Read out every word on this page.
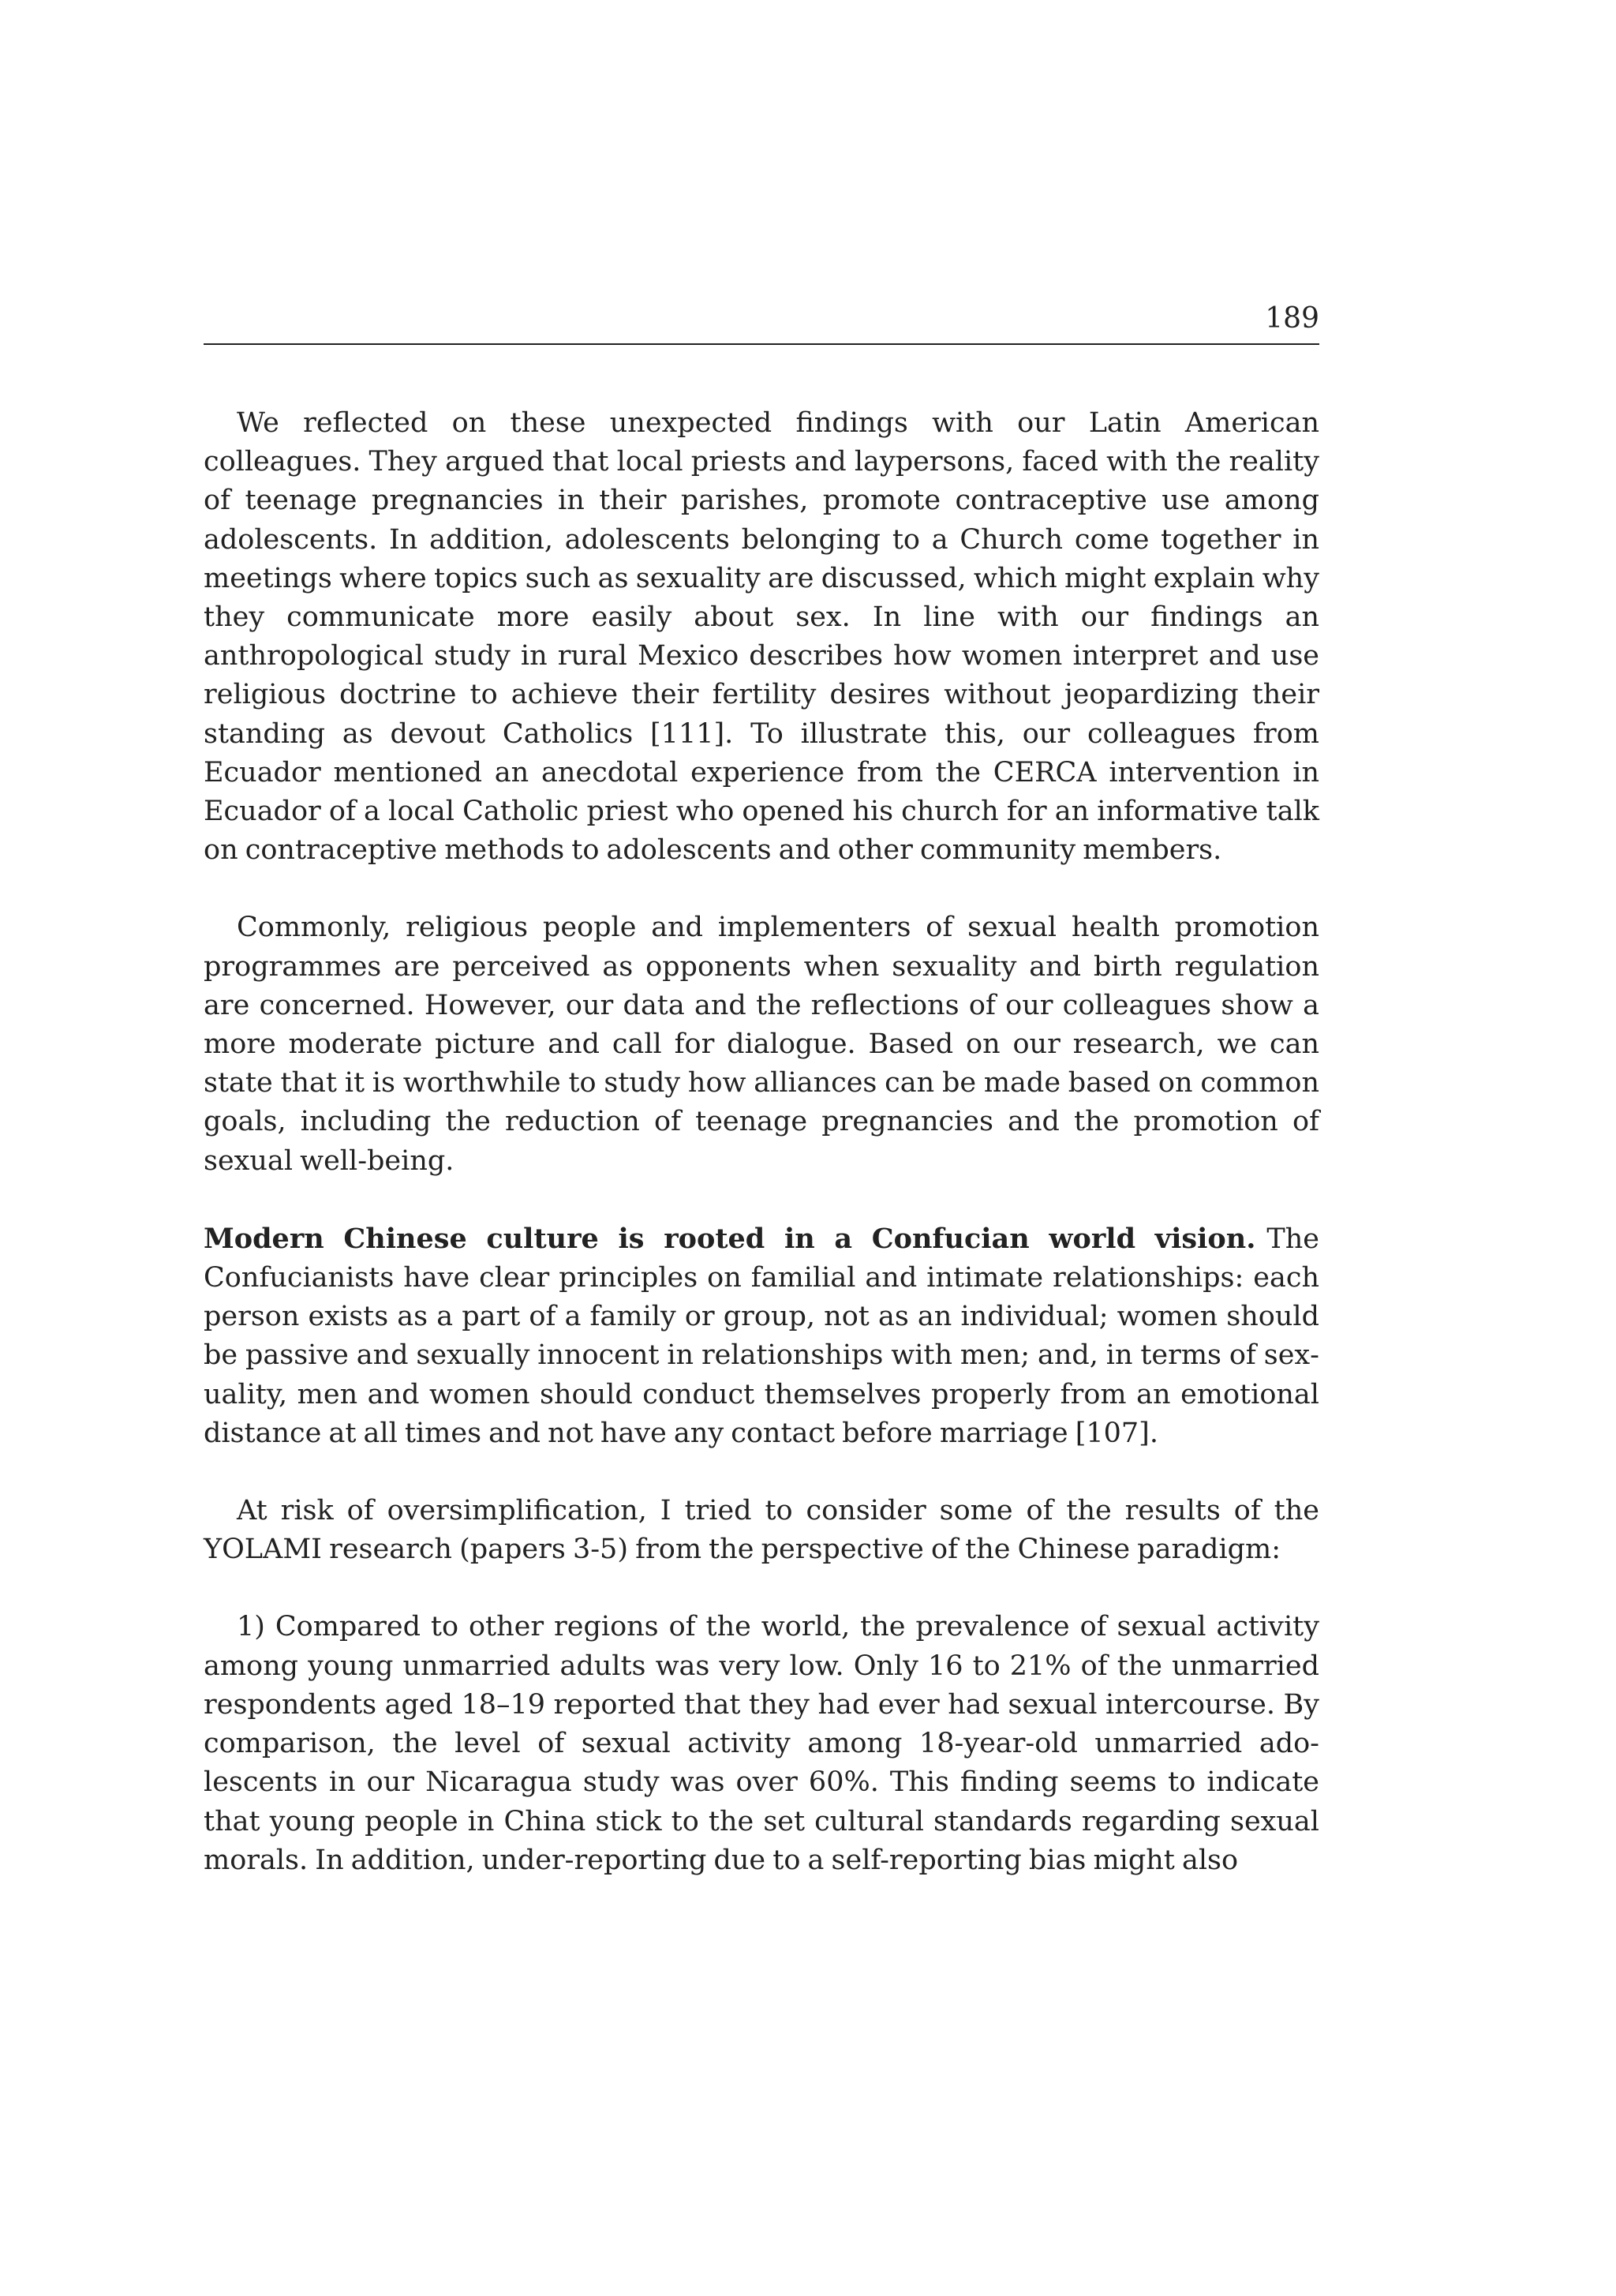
189

We reflected on these unexpected findings with our Latin American colleagues. They argued that local priests and laypersons, faced with the reality of teenage pregnancies in their parishes, promote contraceptive use among adolescents. In addition, adolescents belonging to a Church come together in meetings where topics such as sexuality are discussed, which might explain why they communicate more easily about sex. In line with our findings an anthropological study in rural Mexico describes how women interpret and use religious doctrine to achieve their fertility desires without jeopardizing their standing as devout Catholics [111]. To illustrate this, our colleagues from Ecuador mentioned an anecdotal experience from the CERCA intervention in Ecuador of a local Catholic priest who opened his church for an informative talk on contraceptive methods to adolescents and other community members.

Commonly, religious people and implementers of sexual health promotion programmes are perceived as opponents when sexuality and birth regulation are concerned. However, our data and the reflections of our colleagues show a more moderate picture and call for dialogue. Based on our research, we can state that it is worthwhile to study how alliances can be made based on common goals, including the reduction of teenage pregnancies and the promotion of sexual well-being.

Modern Chinese culture is rooted in a Confucian world vision. The Confucianists have clear principles on familial and intimate relationships: each person exists as a part of a family or group, not as an individual; women should be passive and sexually innocent in relationships with men; and, in terms of sexuality, men and women should conduct themselves properly from an emotional distance at all times and not have any contact before marriage [107].

At risk of oversimplification, I tried to consider some of the results of the YOLAMI research (papers 3-5) from the perspective of the Chinese paradigm:

1) Compared to other regions of the world, the prevalence of sexual activity among young unmarried adults was very low. Only 16 to 21% of the unmarried respondents aged 18–19 reported that they had ever had sexual intercourse. By comparison, the level of sexual activity among 18-year-old unmarried adolescents in our Nicaragua study was over 60%. This finding seems to indicate that young people in China stick to the set cultural standards regarding sexual morals. In addition, under-reporting due to a self-reporting bias might also
